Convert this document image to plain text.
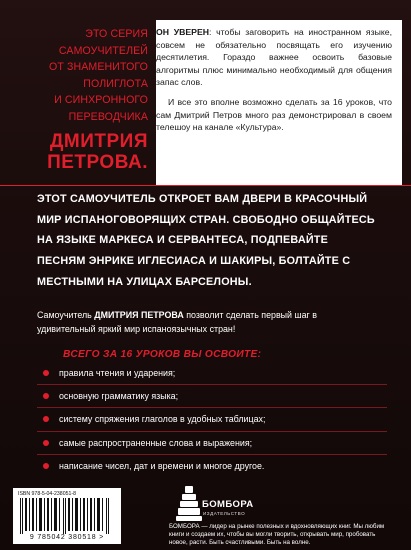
ЭТО СЕРИЯ
САМОУЧИТЕЛЕЙ
ОТ ЗНАМЕНИТОГО
ПОЛИГЛОТА
И СИНХРОННОГО
ПЕРЕВОДЧИКА
ДМИТРИЯ
ПЕТРОВА.

ОН УВЕРЕН: чтобы заговорить на иностранном языке, совсем не обязательно посвящать его изучению десятилетия. Гораздо важнее освоить базовые алгоритмы плюс минимально необходимый для общения запас слов.

И все это вполне возможно сделать за 16 уроков, что сам Дмитрий Петров много раз демонстрировал в своем телешоу на канале «Культура».

ЭТОТ САМОУЧИТЕЛЬ ОТКРОЕТ ВАМ ДВЕРИ В КРАСОЧНЫЙ МИР ИСПАНОГОВОРЯЩИХ СТРАН. СВОБОДНО ОБЩАЙТЕСЬ НА ЯЗЫКЕ МАРКЕСА И СЕРВАНТЕСА, ПОДПЕВАЙТЕ ПЕСНЯМ ЭНРИКЕ ИГЛЕСИАСА И ШАКИРЫ, БОЛТАЙТЕ С МЕСТНЫМИ НА УЛИЦАХ БАРСЕЛОНЫ.
Самоучитель ДМИТРИЯ ПЕТРОВА позволит сделать первый шаг в удивительный яркий мир испаноязычных стран!
ВСЕГО ЗА 16 УРОКОВ ВЫ ОСВОИТЕ:
правила чтения и ударения;
основную грамматику языка;
систему спряжения глаголов в удобных таблицах;
самые распространенные слова и выражения;
написание чисел, дат и времени и многое другое.
ISBN 978-5-04-238051-8
9 785042 380518 >
БОМБОРА
ИЗДАТЕЛЬСТВО
БОМБОРА — лидер на рынке полезных и вдохновляющих книг. Мы любим книги и создаем их, чтобы вы могли творить, открывать мир, пробовать новое, расти. Быть счастливыми. Быть на волне.
